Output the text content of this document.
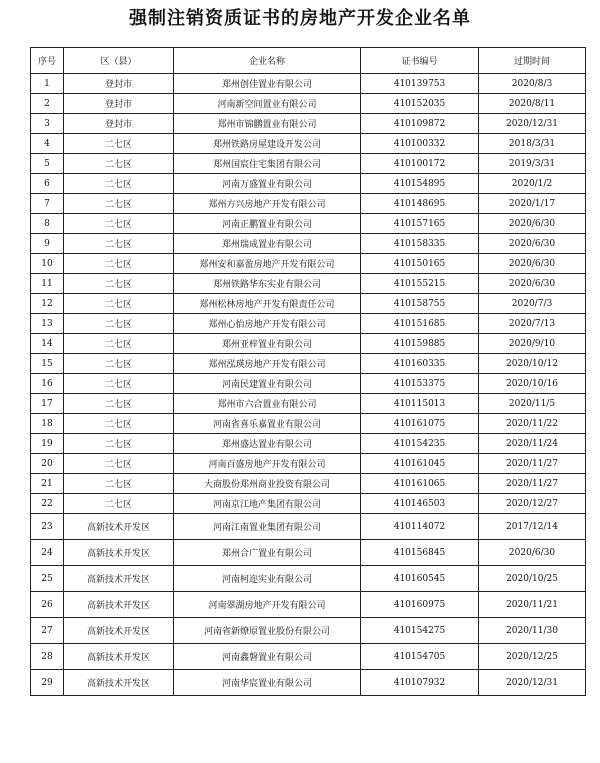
强制注销资质证书的房地产开发企业名单
序号	区（县）	企业名称	证书编号	过期时间
1	登封市	郑州创佳置业有限公司	410139753	2020/8/3
2	登封市	河南新空间置业有限公司	410152035	2020/8/11
3	登封市	郑州市锦鹏置业有限公司	410109872	2020/12/31
4	二七区	郑州铁路房屋建设开发公司	410100332	2018/3/31
5	二七区	郑州国宸住宅集团有限公司	410100172	2019/3/31
6	二七区	河南万盛置业有限公司	410154895	2020/1/2
7	二七区	郑州方兴房地产开发有限公司	410148695	2020/1/17
8	二七区	河南正鹏置业有限公司	410157165	2020/6/30
9	二七区	郑州瑞成置业有限公司	410158335	2020/6/30
10	二七区	郑州安和嘉盈房地产开发有限公司	410150165	2020/6/30
11	二七区	郑州铁路华东实业有限公司	410155215	2020/6/30
12	二七区	郑州松林房地产开发有限责任公司	410158755	2020/7/3
13	二七区	郑州心怡房地产开发有限公司	410151685	2020/7/13
14	二七区	郑州亚梓置业有限公司	410159885	2020/9/10
15	二七区	郑州泓瑛房地产开发有限公司	410160335	2020/10/12
16	二七区	河南民建置业有限公司	410153375	2020/10/16
17	二七区	郑州市六合置业有限公司	410115013	2020/11/5
18	二七区	河南省喜乐嘉置业有限公司	410161075	2020/11/22
19	二七区	郑州盛达置业有限公司	410154235	2020/11/24
20	二七区	河南百盛房地产开发有限公司	410161045	2020/11/27
21	二七区	大商股份郑州商业投资有限公司	410161065	2020/11/27
22	二七区	河南京江地产集团有限公司	410146503	2020/12/27
23	高新技术开发区	河南江南置业集团有限公司	410114072	2017/12/14
24	高新技术开发区	郑州合广置业有限公司	410156845	2020/6/30
25	高新技术开发区	河南柯迩实业有限公司	410160545	2020/10/25
26	高新技术开发区	河南翠湖房地产开发有限公司	410160975	2020/11/21
27	高新技术开发区	河南省新燎原置业股份有限公司	410154275	2020/11/30
28	高新技术开发区	河南鑫磐置业有限公司	410154705	2020/12/25
29	高新技术开发区	河南华宸置业有限公司	410107932	2020/12/31
